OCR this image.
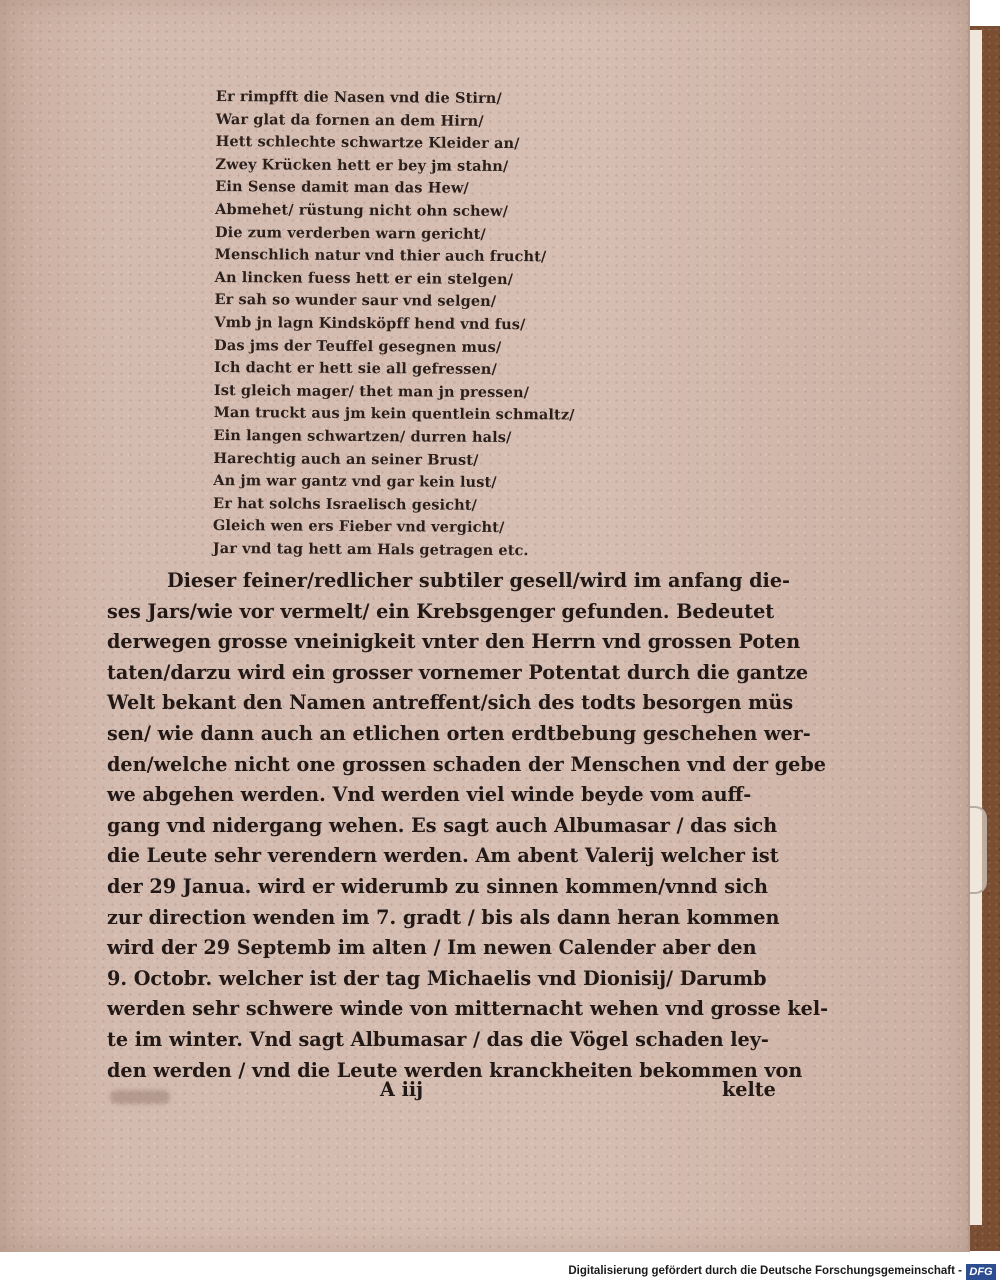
Er rimpfft die Nasen vnd die Stirn/
War glat da fornen an dem Hirn/
Hett schlechte schwartze Kleider an/
Zwey Krücken hett er bey jm stahn/
Ein Sense damit man das Hew/
Abmehet/ rüstung nicht ohn schew/
Die zum verderben warn gericht/
Menschlich natur vnd thier auch frucht/
An lincken fuess hett er ein stelgen/
Er sah so wunder saur vnd selgen/
Vmb jn lagn Kindsköpff hend vnd fus/
Das jms der Teuffel gesegnen mus/
Ich dacht er hett sie all gefressen/
Ist gleich mager/ thet man jn pressen/
Man truckt aus jm kein quentlein schmaltz/
Ein langen schwartzen/ durren hals/
Harechtig auch an seiner Brust/
An jm war gantz vnd gar kein lust/
Er hat solchs Israelisch gesicht/
Gleich wen ers Fieber vnd vergicht/
Jar vnd tag hett am Hals getragen etc.
Dieser feiner/redlicher subtiler gesell/wird im anfang die-
ses Jars/wie vor vermelt/ ein Krebsgenger gefunden. Bedeutet
derwegen grosse vneinigkeit vnter den Herrn vnd grossen Poten
taten/darzu wird ein grosser vornemer Potentat durch die gantze
Welt bekant den Namen antreffent/sich des todts besorgen müs
sen/ wie dann auch an etlichen orten erdtbebung geschehen wer-
den/welche nicht one grossen schaden der Menschen vnd der gebe
we abgehen werden. Vnd werden viel winde beyde vom auff-
gang vnd nidergang wehen. Es sagt auch Albumasar / das sich
die Leute sehr verendern werden. Am abent Valerij welcher ist
der 29 Janua. wird er widerumb zu sinnen kommen/vnnd sich
zur direction wenden im 7. gradt / bis als dann heran kommen
wird der 29 Septemb im alten / Im newen Calender aber den
9. Octobr. welcher ist der tag Michaelis vnd Dionisij/ Darumb
werden sehr schwere winde von mitternacht wehen vnd grosse kel-
te im winter. Vnd sagt Albumasar / das die Vögel schaden ley-
den werden / vnd die Leute werden kranckheiten bekommen von
A iij	kelte
Digitalisierung gefördert durch die Deutsche Forschungsgemeinschaft - DFG
